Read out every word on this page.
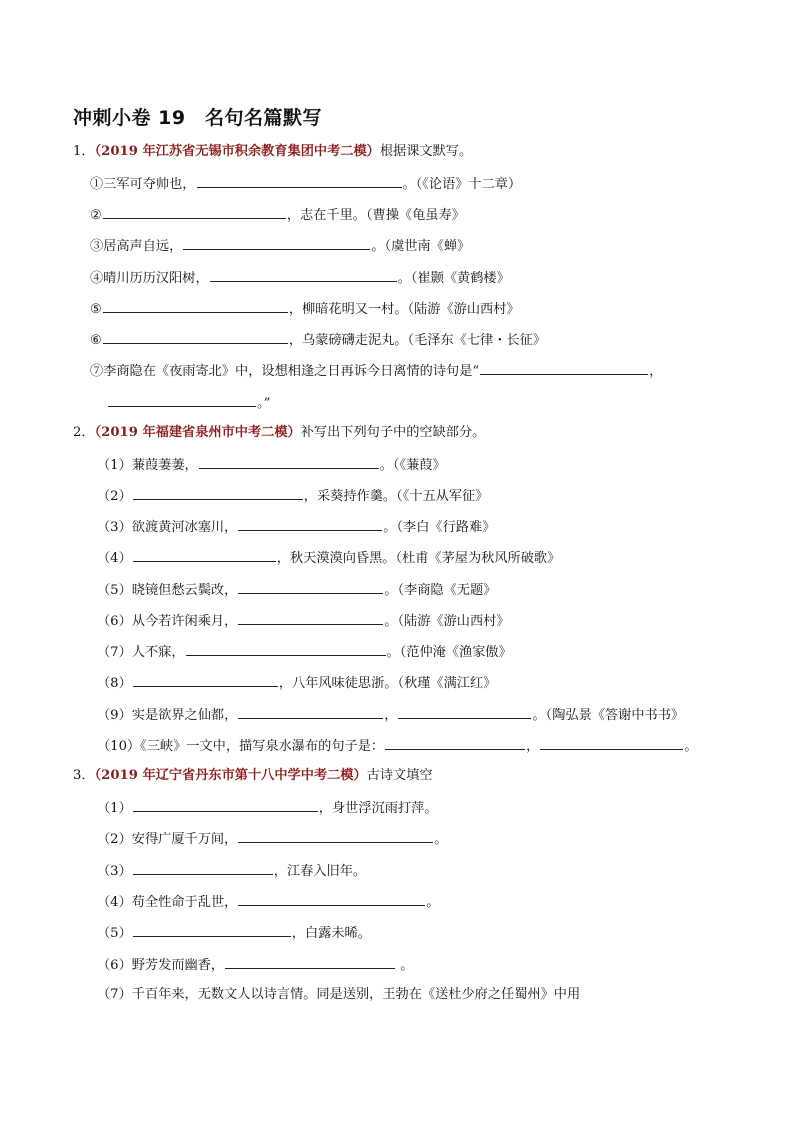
冲刺小卷 19　名句名篇默写
1．（2019 年江苏省无锡市积余教育集团中考二模）根据课文默写。
①三军可夺帅也，	。（《论语》十二章）
②	，志在千里。（曹操《龟虽寿》
③居高声自远，	。（虞世南《蝉》
④晴川历历汉阳树，	。（崔颢《黄鹤楼》
⑤	，柳暗花明又一村。（陆游《游山西村》
⑥	，乌蒙磅礴走泥丸。（毛泽东《七律・长征》
⑦李商隐在《夜雨寄北》中，设想相逢之日再诉今日离情的诗句是“	，
。”
2．（2019 年福建省泉州市中考二模）补写出下列句子中的空缺部分。
（1）蒹葭萋萋，	。（《蒹葭》
（2）	，采葵持作羹。（《十五从军征》
（3）欲渡黄河冰塞川，	。（李白《行路难》
（4）	，秋天漠漠向昏黑。（杜甫《茅屋为秋风所破歌》
（5）晓镜但愁云鬓改，	。（李商隐《无题》
（6）从今若许闲乘月，	。（陆游《游山西村》
（7）人不寐，	。（范仲淹《渔家傲》
（8）	，八年风味徒思浙。（秋瑾《满江红》
（9）实是欲界之仙都，	，	。（陶弘景《答谢中书书》
（10）《三峡》一文中，描写泉水瀑布的句子是：	，	。
3．（2019 年辽宁省丹东市第十八中学中考二模）古诗文填空
（1）	，身世浮沉雨打萍。
（2）安得广厦千万间，	。
（3）	，江春入旧年。
（4）苟全性命于乱世，	。
（5）	，白露未晞。
（6）野芳发而幽香，	。
（7）千百年来，无数文人以诗言情。同是送别，王勃在《送杜少府之任蜀州》中用
